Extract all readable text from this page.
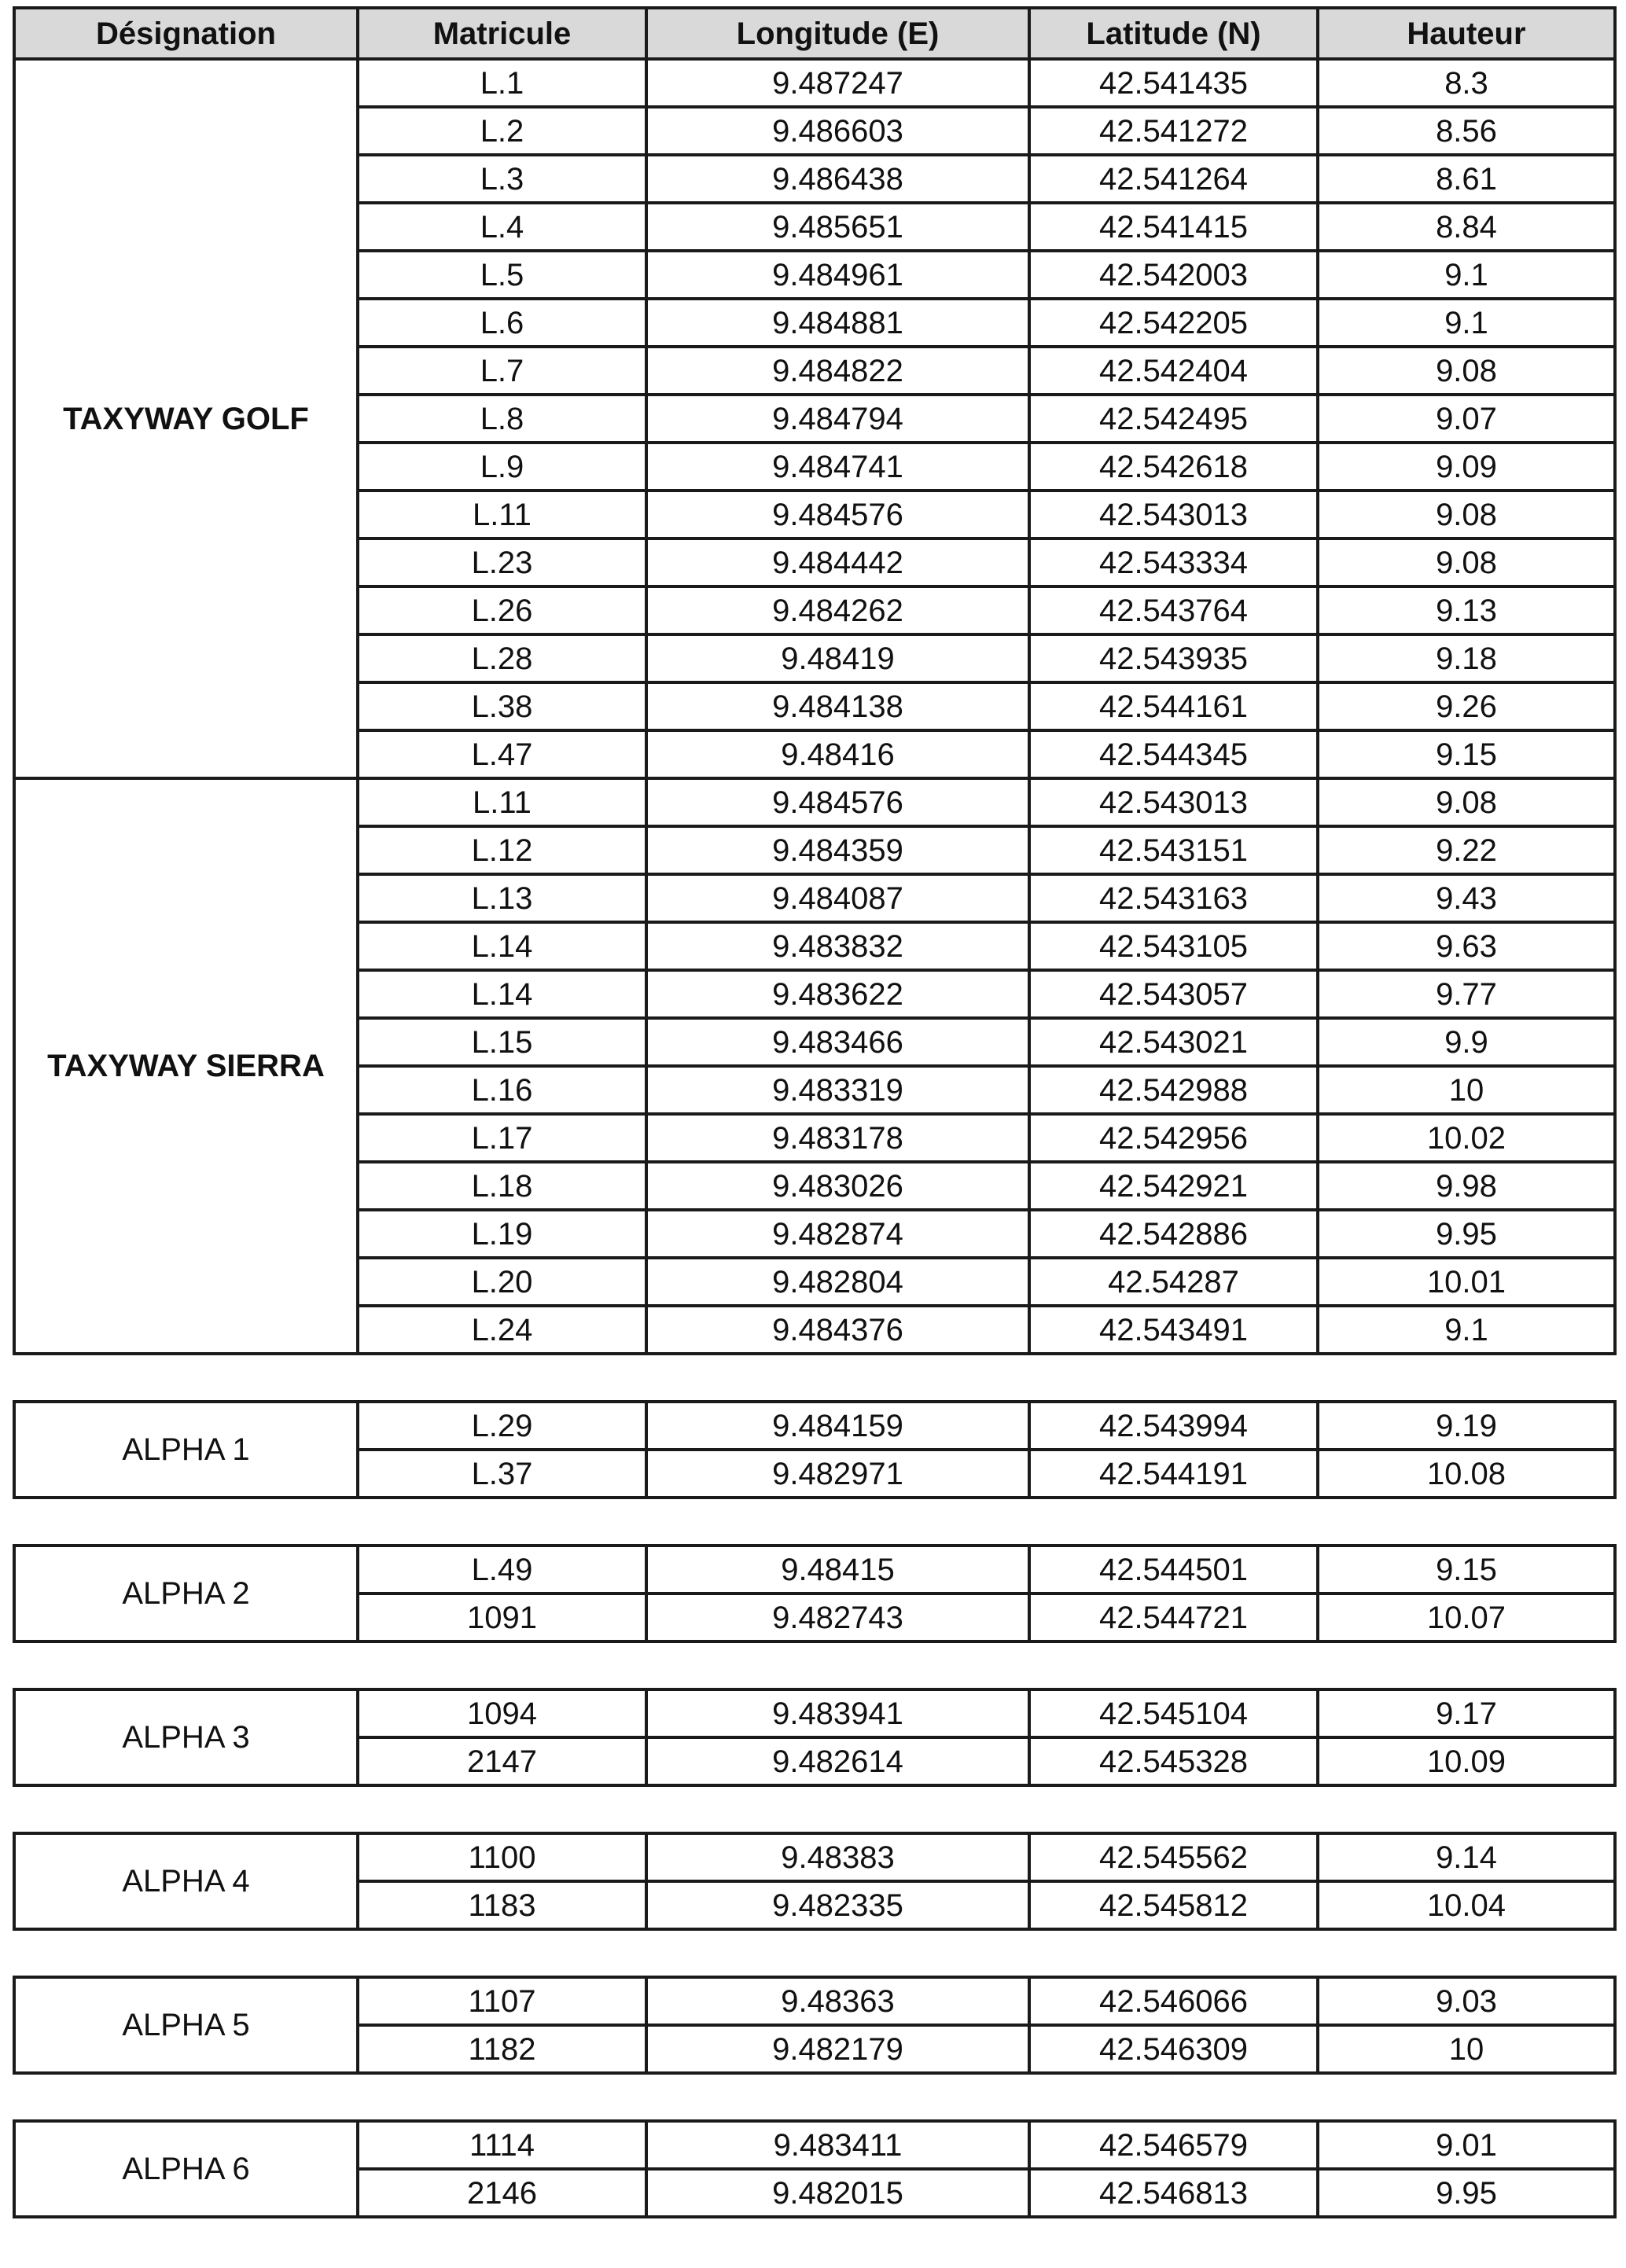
Désignation	Matricule	Longitude (E)	Latitude (N)	Hauteur
TAXYWAY GOLF	L.1	9.487247	42.541435	8.3
	L.2	9.486603	42.541272	8.56
	L.3	9.486438	42.541264	8.61
	L.4	9.485651	42.541415	8.84
	L.5	9.484961	42.542003	9.1
	L.6	9.484881	42.542205	9.1
	L.7	9.484822	42.542404	9.08
	L.8	9.484794	42.542495	9.07
	L.9	9.484741	42.542618	9.09
	L.11	9.484576	42.543013	9.08
	L.23	9.484442	42.543334	9.08
	L.26	9.484262	42.543764	9.13
	L.28	9.48419	42.543935	9.18
	L.38	9.484138	42.544161	9.26
	L.47	9.48416	42.544345	9.15
TAXYWAY SIERRA	L.11	9.484576	42.543013	9.08
	L.12	9.484359	42.543151	9.22
	L.13	9.484087	42.543163	9.43
	L.14	9.483832	42.543105	9.63
	L.14	9.483622	42.543057	9.77
	L.15	9.483466	42.543021	9.9
	L.16	9.483319	42.542988	10
	L.17	9.483178	42.542956	10.02
	L.18	9.483026	42.542921	9.98
	L.19	9.482874	42.542886	9.95
	L.20	9.482804	42.54287	10.01
	L.24	9.484376	42.543491	9.1
ALPHA 1	L.29	9.484159	42.543994	9.19
	L.37	9.482971	42.544191	10.08
ALPHA 2	L.49	9.48415	42.544501	9.15
	1091	9.482743	42.544721	10.07
ALPHA 3	1094	9.483941	42.545104	9.17
	2147	9.482614	42.545328	10.09
ALPHA 4	1100	9.48383	42.545562	9.14
	1183	9.482335	42.545812	10.04
ALPHA 5	1107	9.48363	42.546066	9.03
	1182	9.482179	42.546309	10
ALPHA 6	1114	9.483411	42.546579	9.01
	2146	9.482015	42.546813	9.95
